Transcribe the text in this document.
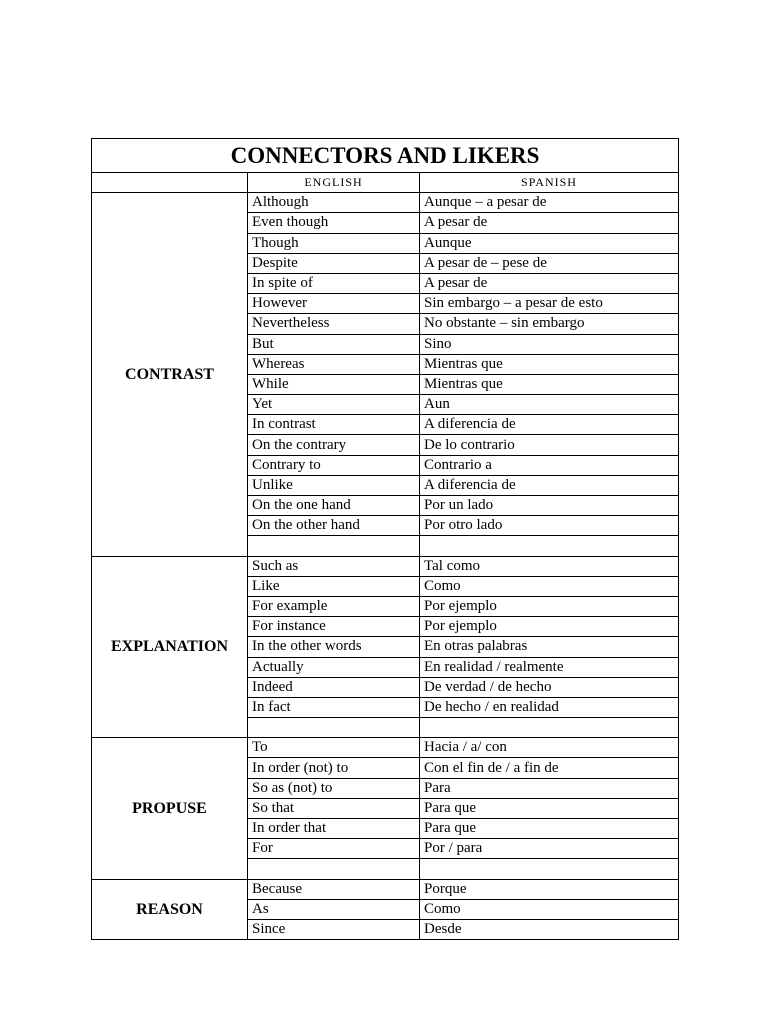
CONNECTORS AND LIKERS		
	ENGLISH	SPANISH
CONTRAST	Although	Aunque – a pesar de
	Even though	A pesar de
	Though	Aunque
	Despite	A pesar de – pese de
	In spite of	A pesar de
	However	Sin embargo – a pesar de esto
	Nevertheless	No obstante – sin embargo
	But	Sino
	Whereas	Mientras que
	While	Mientras que
	Yet	Aun
	In contrast	A diferencia de
	On the contrary	De lo contrario
	Contrary to	Contrario a
	Unlike	A diferencia de
	On the one hand	Por un lado
	On the other hand	Por otro lado

EXPLANATION	Such as	Tal como
	Like	Como
	For example	Por ejemplo
	For instance	Por ejemplo
	In the other words	En otras palabras
	Actually	En realidad / realmente
	Indeed	De verdad / de hecho
	In fact	De hecho / en realidad

PROPUSE	To	Hacia / a/ con
	In order (not) to	Con el fin de / a fin de
	So as (not) to	Para
	So that	Para que
	In order that	Para que
	For	Por / para

REASON	Because	Porque
	As	Como
	Since	Desde
